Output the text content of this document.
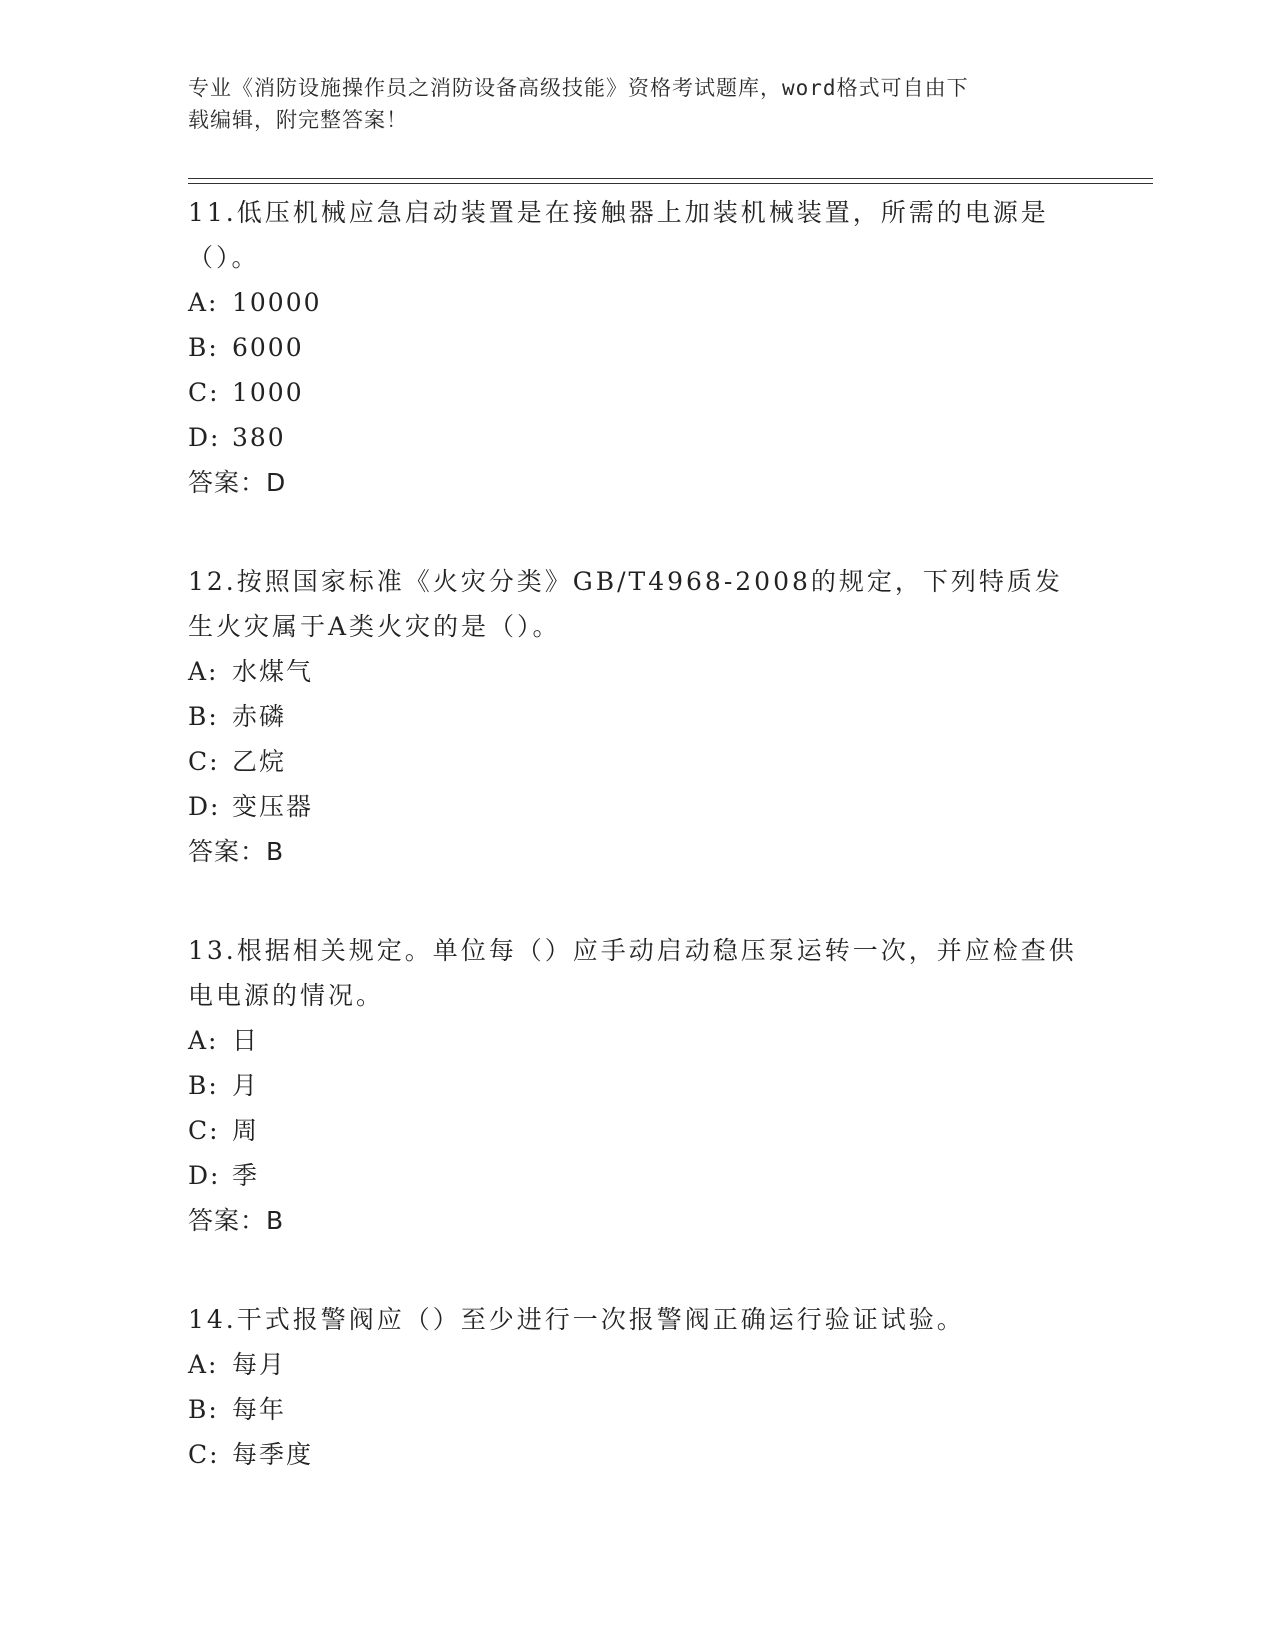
专业《消防设施操作员之消防设备高级技能》资格考试题库，word格式可自由下
载编辑，附完整答案！

11.低压机械应急启动装置是在接触器上加装机械装置，所需的电源是（）。

A: 10000
B: 6000
C: 1000
D: 380

答案：D

12.按照国家标准《火灾分类》GB/T4968-2008的规定，下列特质发生火灾属于A类火灾的是（）。

A: 水煤气
B: 赤磷
C: 乙烷
D: 变压器

答案：B

13.根据相关规定。单位每（）应手动启动稳压泵运转一次，并应检查供电电源的情况。

A: 日
B: 月
C: 周
D: 季

答案：B

14.干式报警阀应（）至少进行一次报警阀正确运行验证试验。

A: 每月
B: 每年
C: 每季度
